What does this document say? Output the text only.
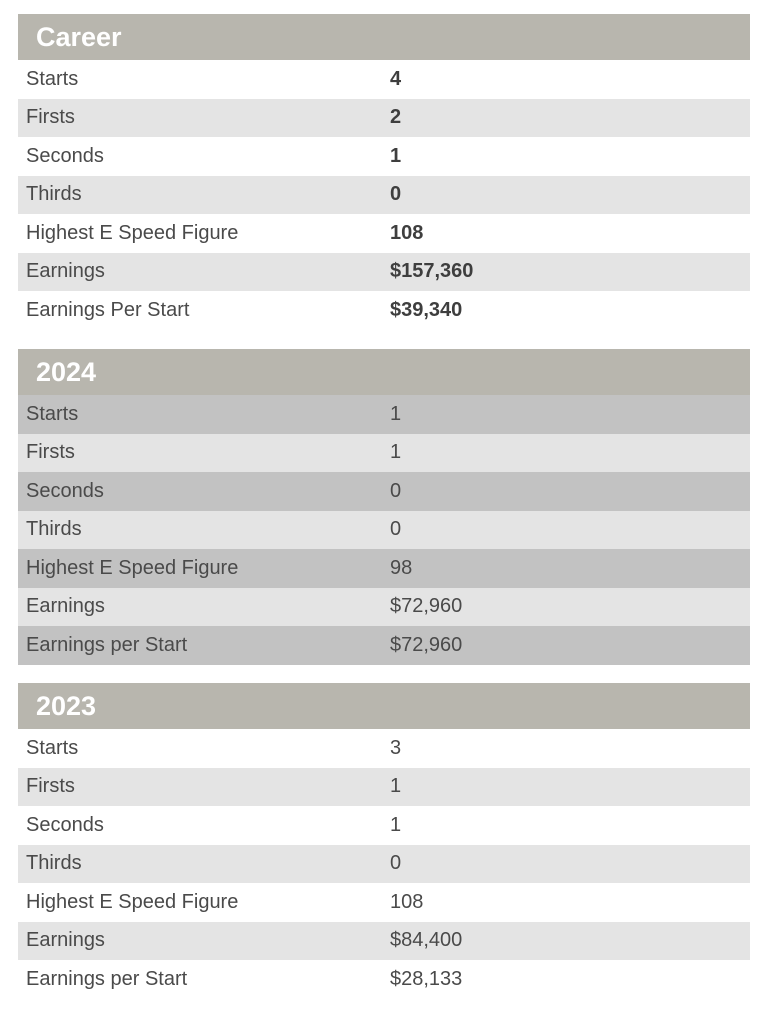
Career
Starts	4
Firsts	2
Seconds	1
Thirds	0
Highest E Speed Figure	108
Earnings	$157,360
Earnings Per Start	$39,340
2024
Starts	1
Firsts	1
Seconds	0
Thirds	0
Highest E Speed Figure	98
Earnings	$72,960
Earnings per Start	$72,960
2023
Starts	3
Firsts	1
Seconds	1
Thirds	0
Highest E Speed Figure	108
Earnings	$84,400
Earnings per Start	$28,133
